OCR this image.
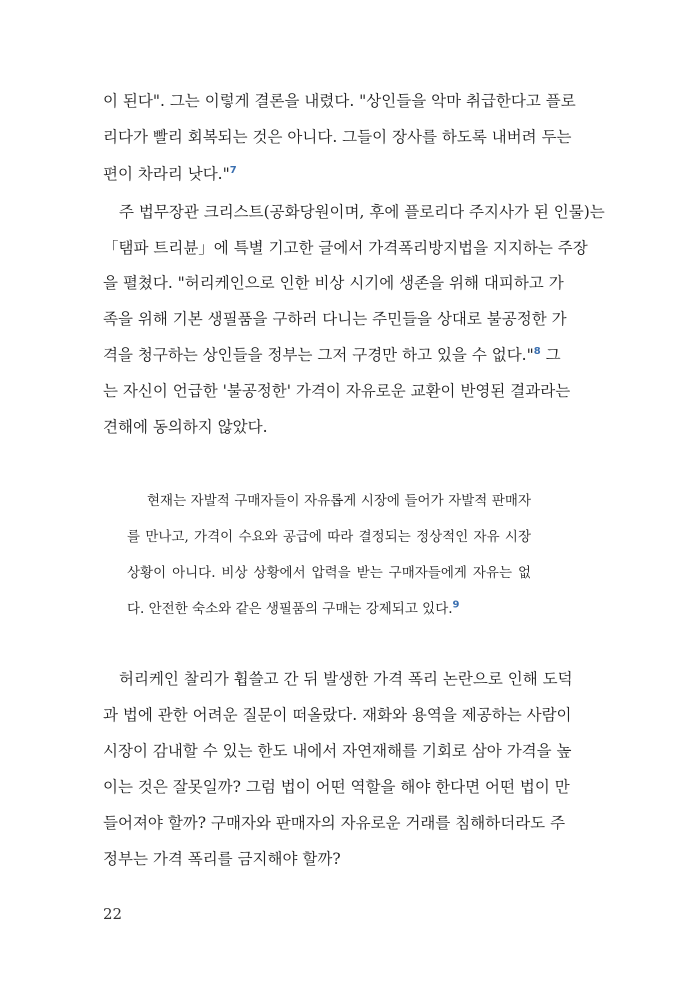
이 된다". 그는 이렇게 결론을 내렸다. "상인들을 악마 취급한다고 플로
리다가 빨리 회복되는 것은 아니다. 그들이 장사를 하도록 내버려 두는
편이 차라리 낫다."$^7$
주 법무장관 크리스트(공화당원이며, 후에 플로리다 주지사가 된 인물)는
「탬파 트리뷴」에 특별 기고한 글에서 가격폭리방지법을 지지하는 주장
을 펼쳤다. "허리케인으로 인한 비상 시기에 생존을 위해 대피하고 가
족을 위해 기본 생필품을 구하러 다니는 주민들을 상대로 불공정한 가
격을 청구하는 상인들을 정부는 그저 구경만 하고 있을 수 없다."$^8$ 그
는 자신이 언급한 '불공정한' 가격이 자유로운 교환이 반영된 결과라는
견해에 동의하지 않았다.
현재는 자발적 구매자들이 자유롭게 시장에 들어가 자발적 판매자
를 만나고, 가격이 수요와 공급에 따라 결정되는 정상적인 자유 시장
상황이 아니다. 비상 상황에서 압력을 받는 구매자들에게 자유는 없
다. 안전한 숙소와 같은 생필품의 구매는 강제되고 있다.$^9$
허리케인 찰리가 휩쓸고 간 뒤 발생한 가격 폭리 논란으로 인해 도덕
과 법에 관한 어려운 질문이 떠올랐다. 재화와 용역을 제공하는 사람이
시장이 감내할 수 있는 한도 내에서 자연재해를 기회로 삼아 가격을 높
이는 것은 잘못일까? 그럼 법이 어떤 역할을 해야 한다면 어떤 법이 만
들어져야 할까? 구매자와 판매자의 자유로운 거래를 침해하더라도 주
정부는 가격 폭리를 금지해야 할까?
22
